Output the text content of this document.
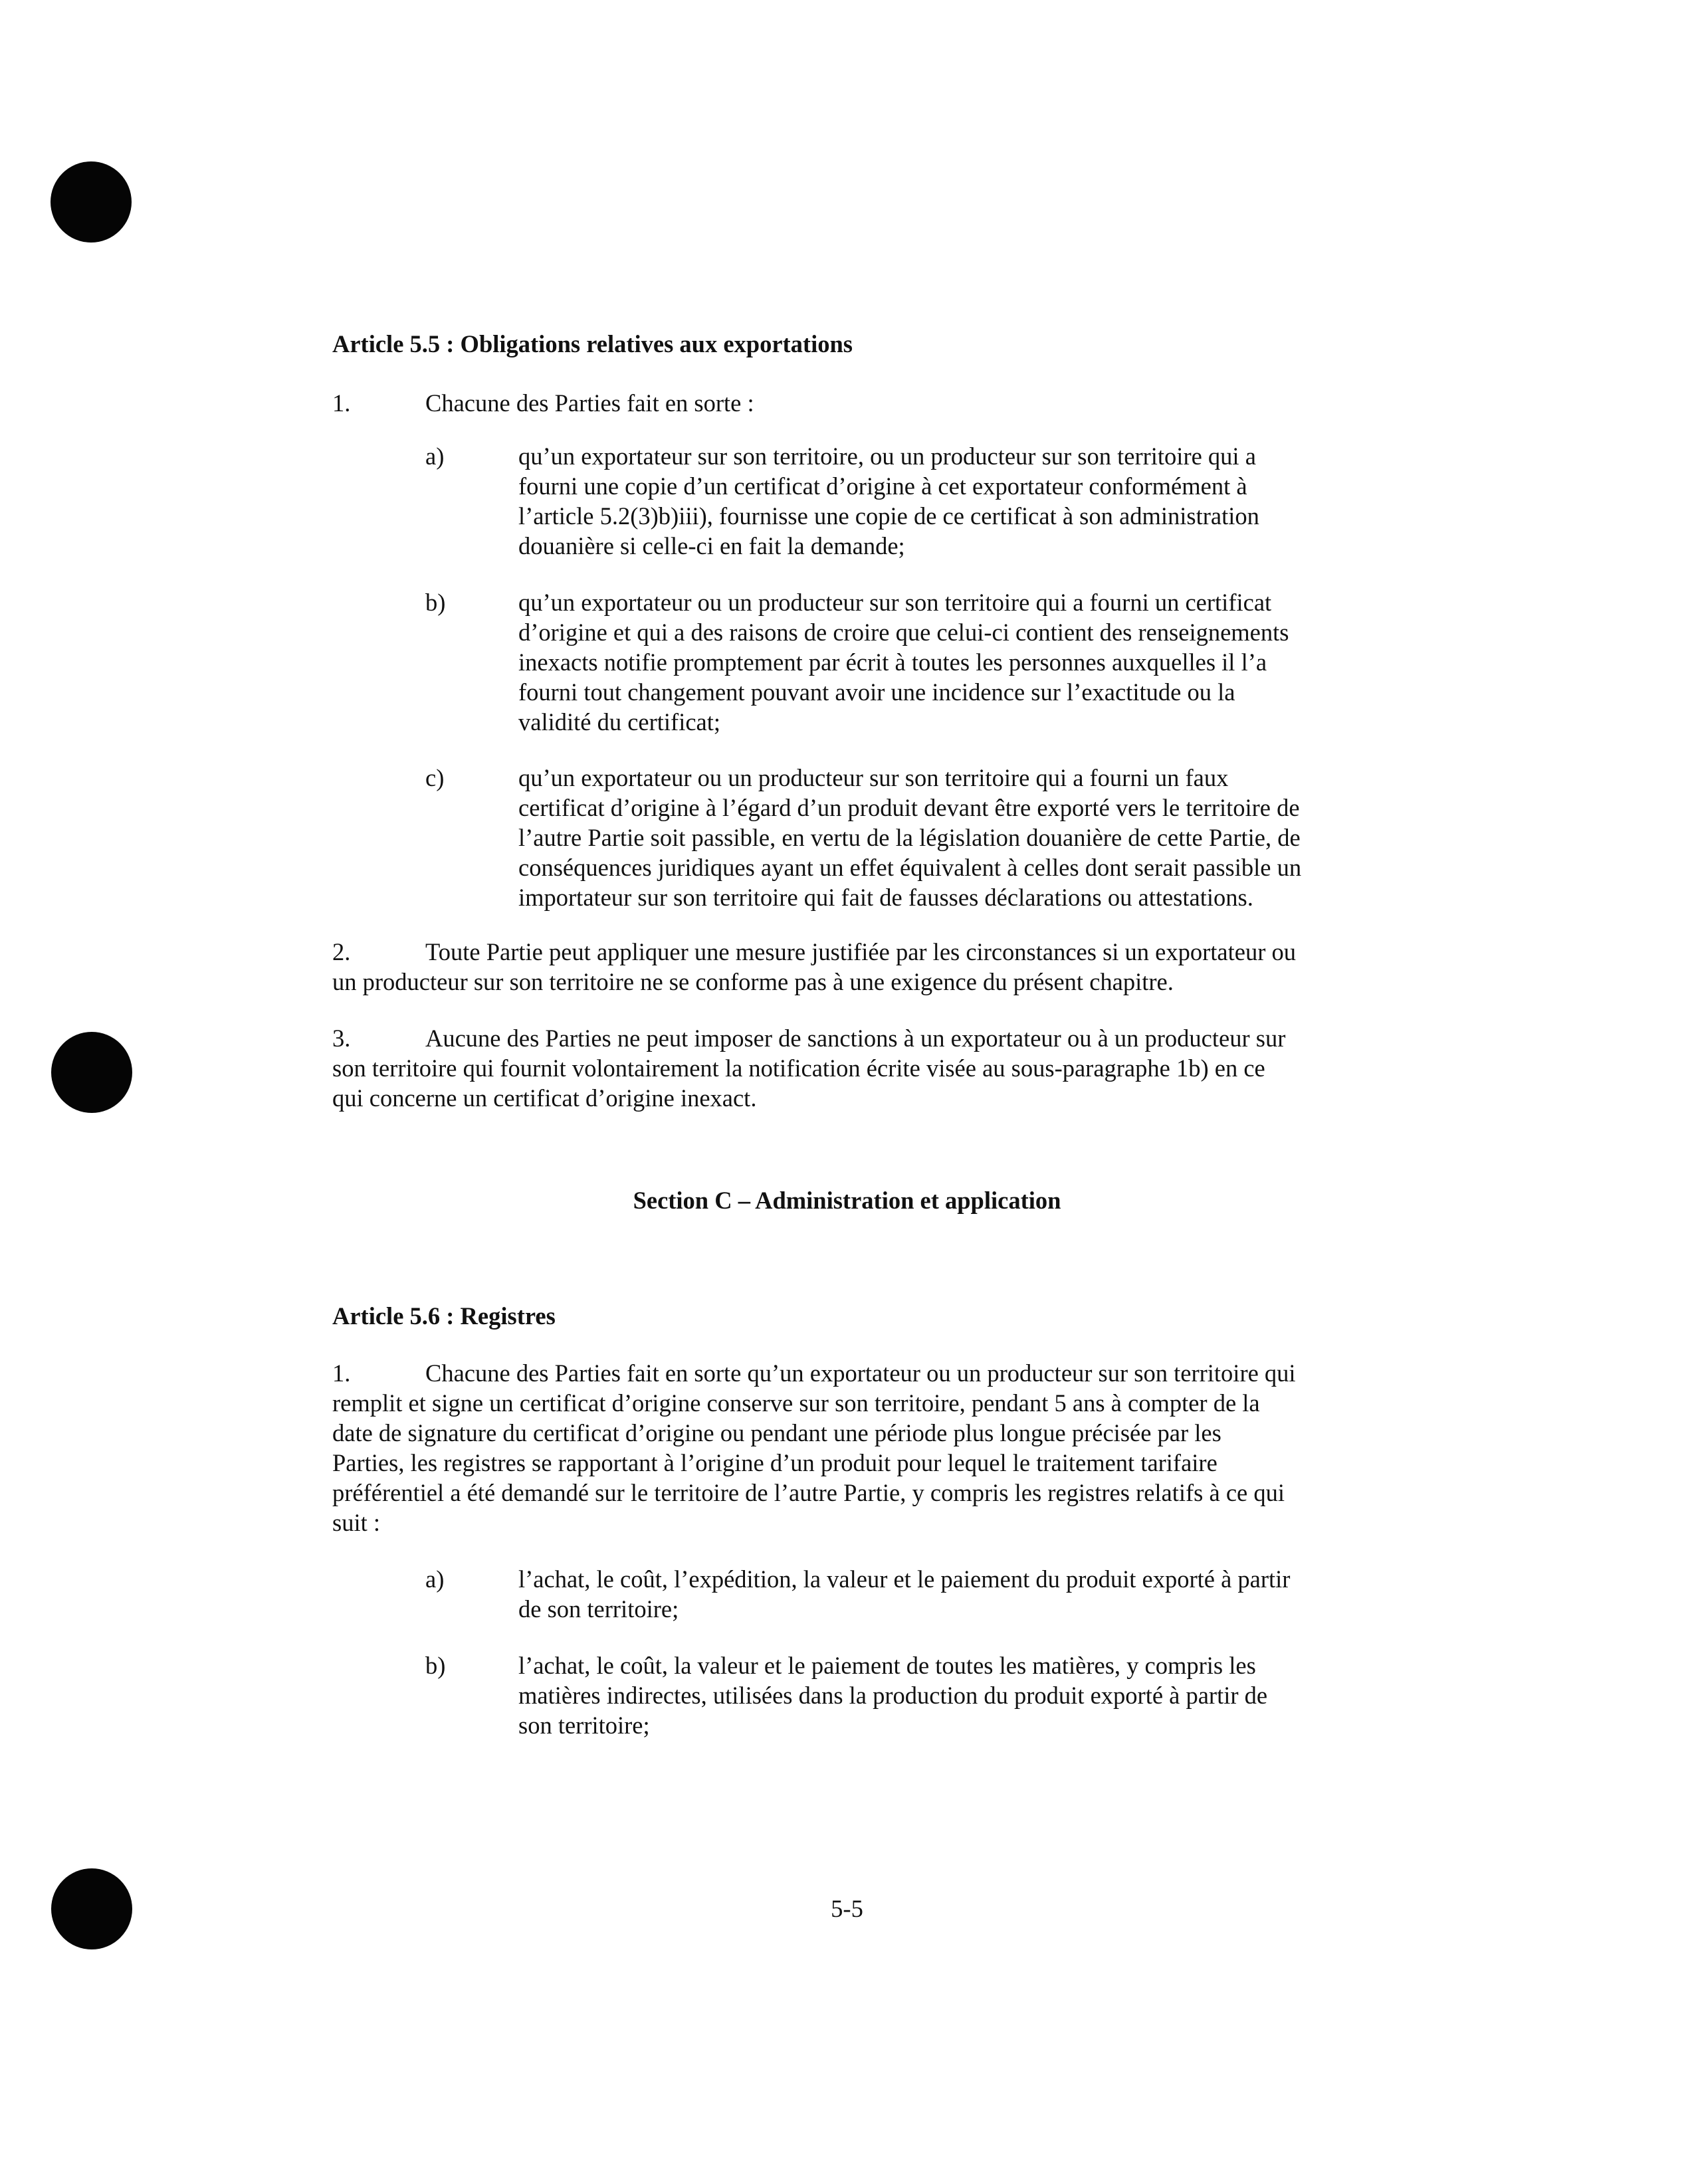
Article 5.5 : Obligations relatives aux exportations

1.	Chacune des Parties fait en sorte :

a)	qu’un exportateur sur son territoire, ou un producteur sur son territoire qui a
fourni une copie d’un certificat d’origine à cet exportateur conformément à
l’article 5.2(3)b)iii), fournisse une copie de ce certificat à son administration
douanière si celle-ci en fait la demande;

b)	qu’un exportateur ou un producteur sur son territoire qui a fourni un certificat
d’origine et qui a des raisons de croire que celui-ci contient des renseignements
inexacts notifie promptement par écrit à toutes les personnes auxquelles il l’a
fourni tout changement pouvant avoir une incidence sur l’exactitude ou la
validité du certificat;

c)	qu’un exportateur ou un producteur sur son territoire qui a fourni un faux
certificat d’origine à l’égard d’un produit devant être exporté vers le territoire de
l’autre Partie soit passible, en vertu de la législation douanière de cette Partie, de
conséquences juridiques ayant un effet équivalent à celles dont serait passible un
importateur sur son territoire qui fait de fausses déclarations ou attestations.

2.	Toute Partie peut appliquer une mesure justifiée par les circonstances si un exportateur ou
un producteur sur son territoire ne se conforme pas à une exigence du présent chapitre.

3.	Aucune des Parties ne peut imposer de sanctions à un exportateur ou à un producteur sur
son territoire qui fournit volontairement la notification écrite visée au sous-paragraphe 1b) en ce
qui concerne un certificat d’origine inexact.

Section C – Administration et application

Article 5.6 : Registres

1.	Chacune des Parties fait en sorte qu’un exportateur ou un producteur sur son territoire qui
remplit et signe un certificat d’origine conserve sur son territoire, pendant 5 ans à compter de la
date de signature du certificat d’origine ou pendant une période plus longue précisée par les
Parties, les registres se rapportant à l’origine d’un produit pour lequel le traitement tarifaire
préférentiel a été demandé sur le territoire de l’autre Partie, y compris les registres relatifs à ce qui
suit :

a)	l’achat, le coût, l’expédition, la valeur et le paiement du produit exporté à partir
de son territoire;

b)	l’achat, le coût, la valeur et le paiement de toutes les matières, y compris les
matières indirectes, utilisées dans la production du produit exporté à partir de
son territoire;

5-5
